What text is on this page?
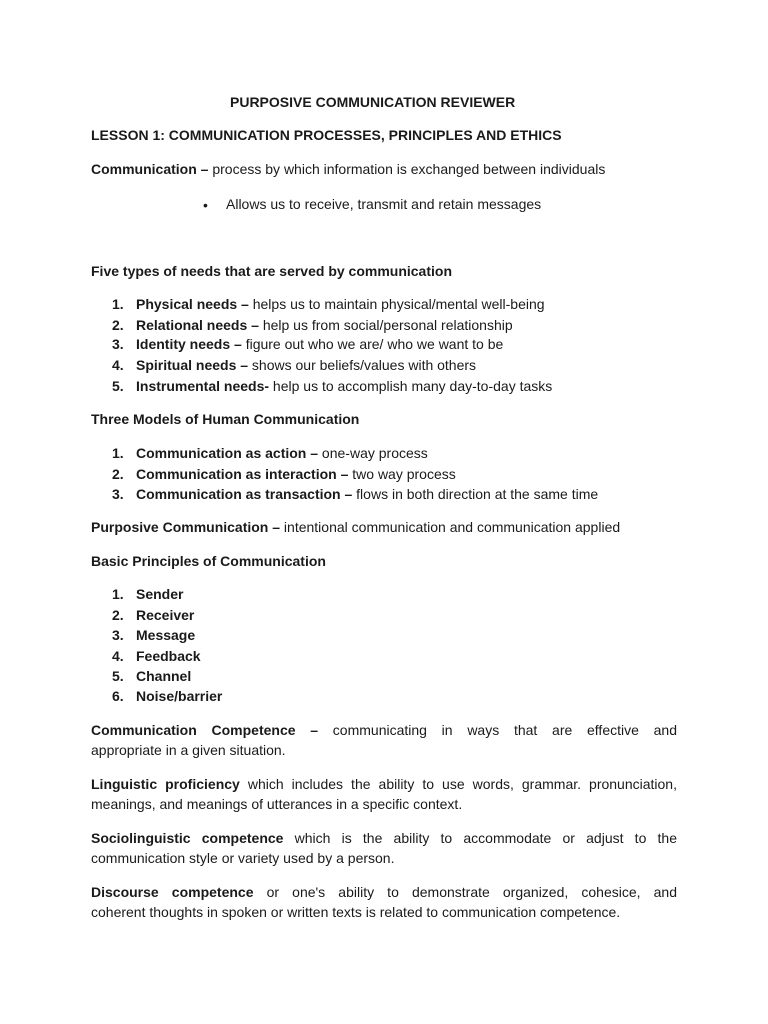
PURPOSIVE COMMUNICATION REVIEWER

LESSON 1: COMMUNICATION PROCESSES, PRINCIPLES AND ETHICS

Communication – process by which information is exchanged between individuals

• Allows us to receive, transmit and retain messages

Five types of needs that are served by communication

1. Physical needs – helps us to maintain physical/mental well-being

2. Relational needs – help us from social/personal relationship

3. Identity needs – figure out who we are/ who we want to be

4. Spiritual needs – shows our beliefs/values with others

5. Instrumental needs- help us to accomplish many day-to-day tasks

Three Models of Human Communication

1. Communication as action – one-way process

2. Communication as interaction – two way process

3. Communication as transaction – flows in both direction at the same time

Purposive Communication – intentional communication and communication applied

Basic Principles of Communication

1. Sender

2. Receiver

3. Message

4. Feedback

5. Channel

6. Noise/barrier

Communication Competence – communicating in ways that are effective and

appropriate in a given situation.

Linguistic proficiency which includes the ability to use words, grammar. pronunciation,

meanings, and meanings of utterances in a specific context.

Sociolinguistic competence which is the ability to accommodate or adjust to the

communication style or variety used by a person.

Discourse competence or one's ability to demonstrate organized, cohesice, and

coherent thoughts in spoken or written texts is related to communication competence.
